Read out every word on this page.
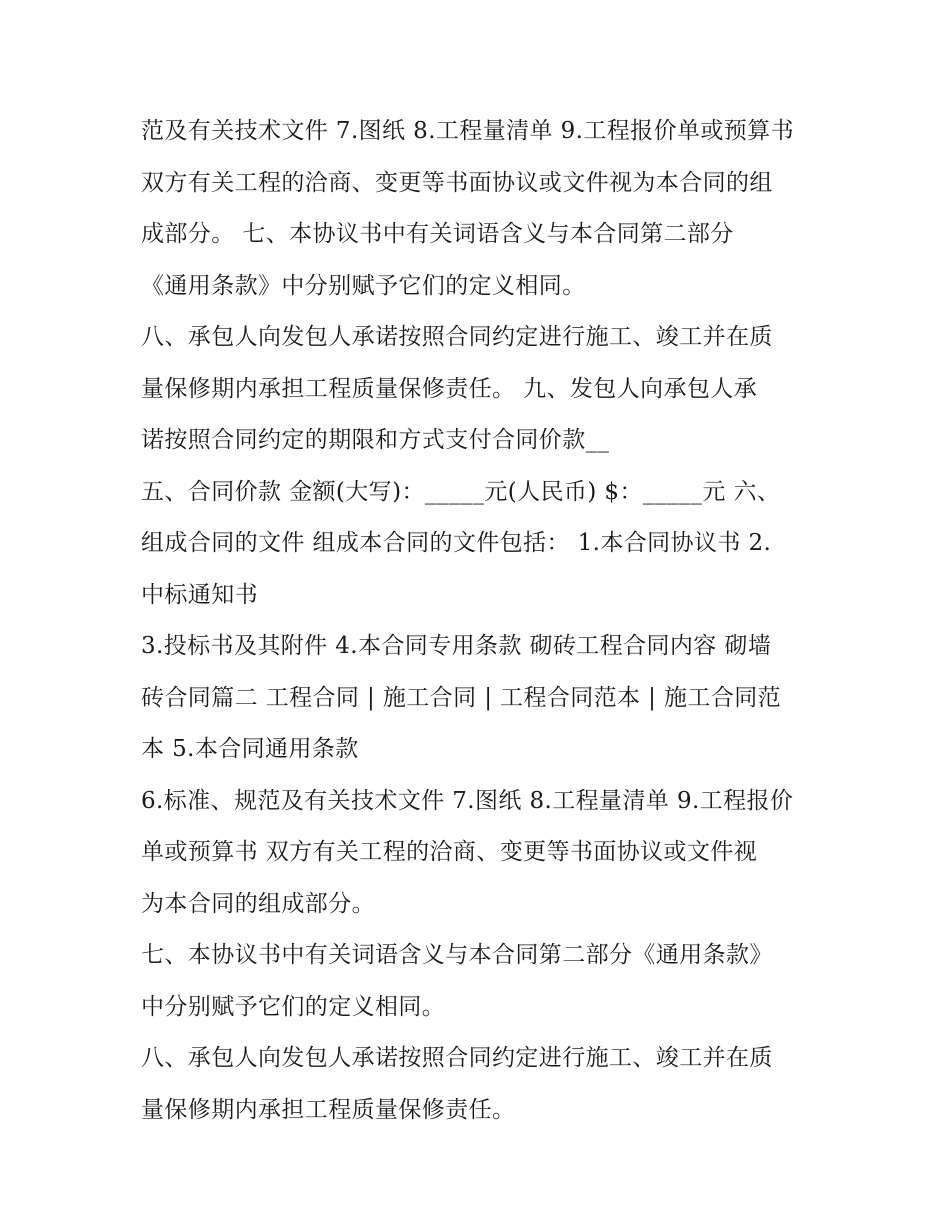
范及有关技术文件 7.图纸 8.工程量清单 9.工程报价单或预算书
双方有关工程的洽商、变更等书面协议或文件视为本合同的组
成部分。 七、本协议书中有关词语含义与本合同第二部分
《通用条款》中分别赋予它们的定义相同。
八、承包人向发包人承诺按照合同约定进行施工、竣工并在质
量保修期内承担工程质量保修责任。 九、发包人向承包人承
诺按照合同约定的期限和方式支付合同价款__
五、合同价款 金额(大写)：_____元(人民币) $：_____元 六、
组成合同的文件 组成本合同的文件包括： 1.本合同协议书 2.
中标通知书
3.投标书及其附件 4.本合同专用条款 砌砖工程合同内容 砌墙
砖合同篇二 工程合同 | 施工合同 | 工程合同范本 | 施工合同范
本 5.本合同通用条款
6.标准、规范及有关技术文件 7.图纸 8.工程量清单 9.工程报价
单或预算书 双方有关工程的洽商、变更等书面协议或文件视
为本合同的组成部分。
七、本协议书中有关词语含义与本合同第二部分《通用条款》
中分别赋予它们的定义相同。
八、承包人向发包人承诺按照合同约定进行施工、竣工并在质
量保修期内承担工程质量保修责任。
